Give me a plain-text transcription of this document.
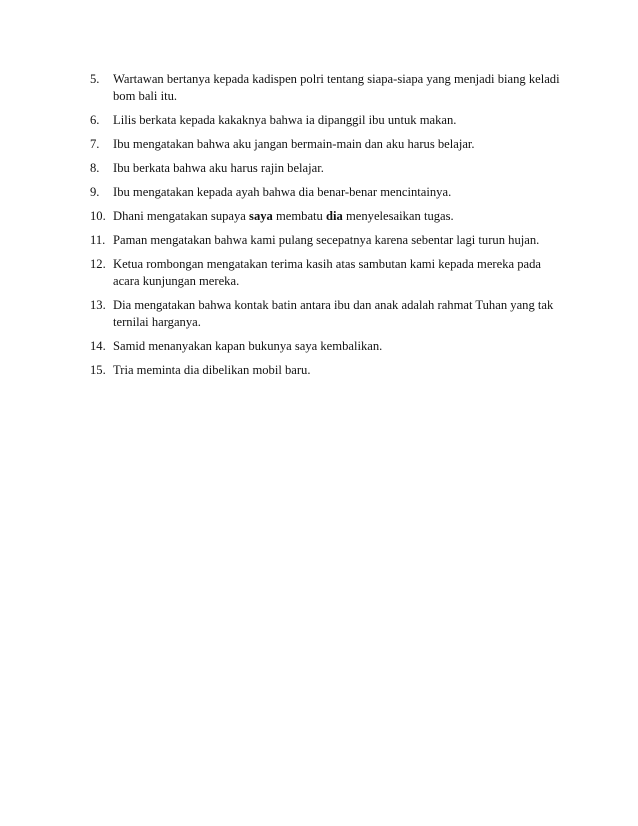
5.	Wartawan bertanya kepada kadispen polri tentang siapa-siapa yang menjadi biang keladi bom bali itu.
6.	Lilis berkata kepada kakaknya bahwa ia dipanggil ibu untuk makan.
7.	Ibu mengatakan bahwa aku jangan bermain-main dan aku harus belajar.
8.	Ibu berkata bahwa aku harus rajin belajar.
9.	Ibu mengatakan kepada ayah bahwa dia benar-benar mencintainya.
10. Dhani mengatakan supaya saya membatu dia menyelesaikan tugas.
11. Paman mengatakan bahwa kami pulang secepatnya karena sebentar lagi turun hujan.
12. Ketua rombongan mengatakan terima kasih atas sambutan kami kepada mereka pada acara kunjungan mereka.
13. Dia mengatakan bahwa kontak batin antara ibu dan anak adalah rahmat Tuhan yang tak ternilai harganya.
14. Samid menanyakan kapan bukunya saya kembalikan.
15. Tria meminta dia dibelikan mobil baru.
